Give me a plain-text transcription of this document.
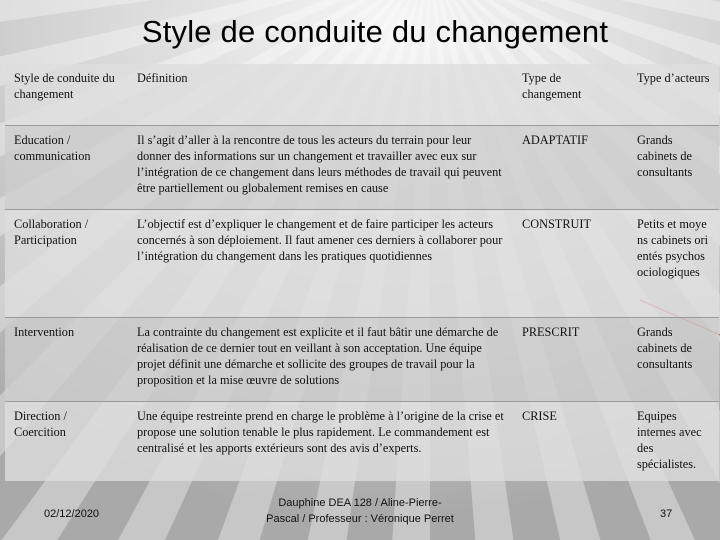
Style de conduite du changement
Style de conduite du changement	Définition	Type de changement	Type d’acteurs
Education / communication	Il s’agit d’aller à la rencontre de tous les acteurs du terrain pour leur donner des informations sur un changement et travailler avec eux sur l’intégration de ce changement dans leurs méthodes de travail qui peuvent être partiellement ou globalement remises en cause	ADAPTATIF	Grands cabinets de consultants
Collaboration / Participation	L’objectif est d’expliquer le changement et de faire participer les acteurs concernés à son déploiement. Il faut amener ces derniers à collaborer pour l’intégration du changement dans les pratiques quotidiennes	CONSTRUIT	Petits et moyens cabinets orientés psychosociologiques
Intervention	La contrainte du changement est explicite et il faut bâtir une démarche de réalisation de ce dernier tout en veillant à son acceptation. Une équipe projet définit une démarche et sollicite des groupes de travail pour la proposition et la mise œuvre de solutions	PRESCRIT	Grands cabinets de consultants
Direction / Coercition	Une équipe restreinte prend en charge le problème à l’origine de la crise et propose une solution tenable le plus rapidement. Le commandement est centralisé et les apports extérieurs sont des avis d’experts.	CRISE	Equipes internes avec des spécialistes.
02/12/2020
Dauphine DEA 128 / Aline-Pierre-
Pascal / Professeur : Véronique Perret	37
